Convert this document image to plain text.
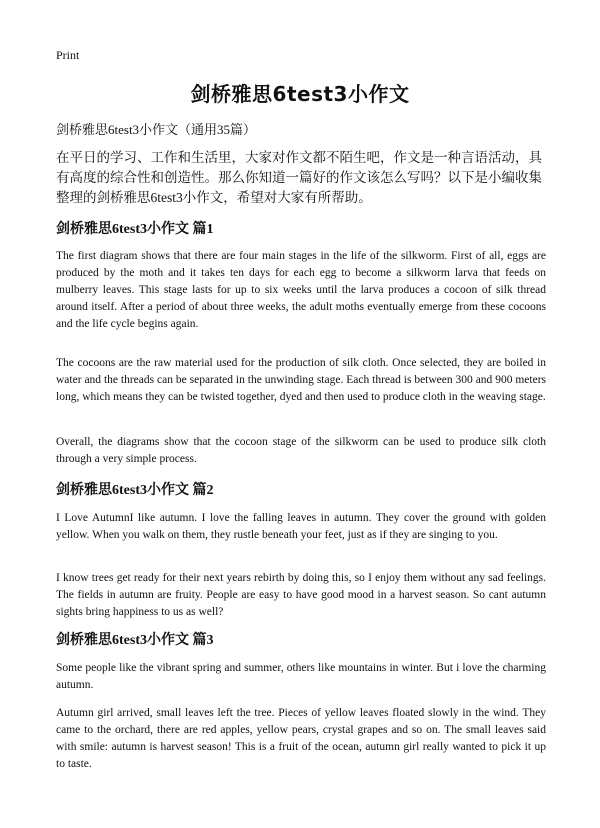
Print
剑桥雅思6test3小作文

剑桥雅思6test3小作文（通用35篇）

在平日的学习、工作和生活里，大家对作文都不陌生吧，作文是一种言语活动，具有高度的综合性和创造性。那么你知道一篇好的作文该怎么写吗？以下是小编收集整理的剑桥雅思6test3小作文，希望对大家有所帮助。

剑桥雅思6test3小作文 篇1

The first diagram shows that there are four main stages in the life of the silkworm. First of all, eggs are produced by the moth and it takes ten days for each egg to become a silkworm larva that feeds on mulberry leaves. This stage lasts for up to six weeks until the larva produces a cocoon of silk thread around itself. After a period of about three weeks, the adult moths eventually emerge from these cocoons and the life cycle begins again.

The cocoons are the raw material used for the production of silk cloth. Once selected, they are boiled in water and the threads can be separated in the unwinding stage. Each thread is between 300 and 900 meters long, which means they can be twisted together, dyed and then used to produce cloth in the weaving stage.

Overall, the diagrams show that the cocoon stage of the silkworm can be used to produce silk cloth through a very simple process.

剑桥雅思6test3小作文 篇2

I Love AutumnI like autumn. I love the falling leaves in autumn. They cover the ground with golden yellow. When you walk on them, they rustle beneath your feet, just as if they are singing to you.

I know trees get ready for their next years rebirth by doing this, so I enjoy them without any sad feelings. The fields in autumn are fruity. People are easy to have good mood in a harvest season. So cant autumn sights bring happiness to us as well?

剑桥雅思6test3小作文 篇3

Some people like the vibrant spring and summer, others like mountains in winter. But i love the charming autumn.

Autumn girl arrived, small leaves left the tree. Pieces of yellow leaves floated slowly in the wind. They came to the orchard, there are red apples, yellow pears, crystal grapes and so on. The small leaves said with smile: autumn is harvest season! This is a fruit of the ocean, autumn girl really wanted to pick it up to taste.
